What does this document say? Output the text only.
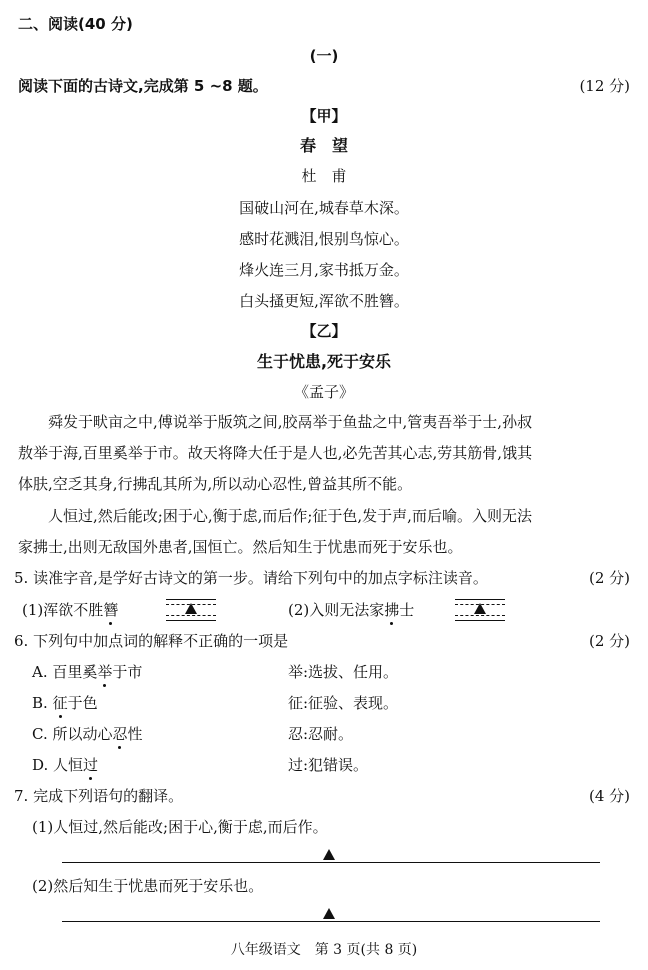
二、阅读(40 分)
(一)
阅读下面的古诗文,完成第 5 ~8 题。	(12 分)
【甲】
春　望
杜　甫
国破山河在,城春草木深。
感时花溅泪,恨别鸟惊心。
烽火连三月,家书抵万金。
白头搔更短,浑欲不胜簪。
【乙】
生于忧患,死于安乐
《孟子》
舜发于畎亩之中,傅说举于版筑之间,胶鬲举于鱼盐之中,管夷吾举于士,孙叔
敖举于海,百里奚举于市。故天将降大任于是人也,必先苦其心志,劳其筋骨,饿其
体肤,空乏其身,行拂乱其所为,所以动心忍性,曾益其所不能。
人恒过,然后能改;困于心,衡于虑,而后作;征于色,发于声,而后喻。入则无法
家拂士,出则无敌国外患者,国恒亡。然后知生于忧患而死于安乐也。
5. 读准字音,是学好古诗文的第一步。请给下列句中的加点字标注读音。	(2 分)
(1)浑欲不胜簪	(2)入则无法家拂士
6. 下列句中加点词的解释不正确的一项是	(2 分)
A. 百里奚举于市	举:选拔、任用。
B. 征于色	征:征验、表现。
C. 所以动心忍性	忍:忍耐。
D. 人恒过	过:犯错误。
7. 完成下列语句的翻译。	(4 分)
(1)人恒过,然后能改;困于心,衡于虑,而后作。
(2)然后知生于忧患而死于安乐也。
八年级语文　第 3 页(共 8 页)
